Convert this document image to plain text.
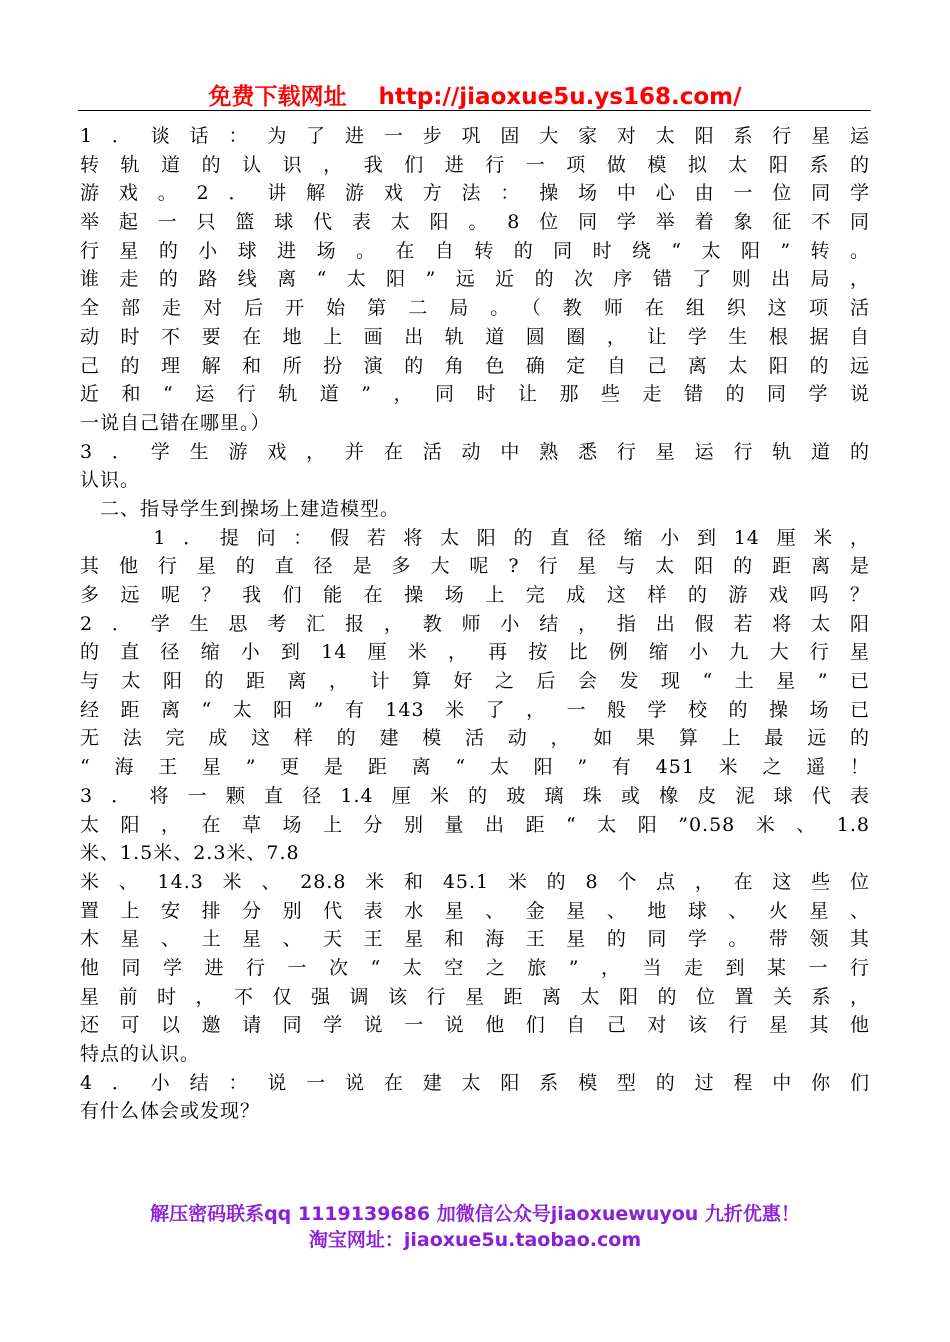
免费下载网址 http://jiaoxue5u.ys168.com/
1．谈话：为了进一步巩固大家对太阳系行星运
转轨道的认识，我们进行一项做模拟太阳系的
游戏。2．讲解游戏方法：操场中心由一位同学
举起一只篮球代表太阳。8位同学举着象征不同
行星的小球进场。在自转的同时绕“太阳”转。
谁走的路线离“太阳”远近的次序错了则出局，
全部走对后开始第二局。（教师在组织这项活
动时不要在地上画出轨道圆圈，让学生根据自
己的理解和所扮演的角色确定自己离太阳的远
近和“运行轨道”，同时让那些走错的同学说
一说自己错在哪里。）
3．学生游戏，并在活动中熟悉行星运行轨道的
认识。
　二、指导学生到操场上建造模型。
　　1．提问：假若将太阳的直径缩小到14厘米，
其他行星的直径是多大呢?行星与太阳的距离是
多远呢？我们能在操场上完成这样的游戏吗？
2．学生思考汇报，教师小结，指出假若将太阳
的直径缩小到14厘米，再按比例缩小九大行星
与太阳的距离，计算好之后会发现“土星”已
经距离“太阳”有143米了，一般学校的操场已
无法完成这样的建模活动，如果算上最远的
“海王星”更是距离“太阳”有451米之遥！
3．将一颗直径1.4厘米的玻璃珠或橡皮泥球代表
太阳，在草场上分别量出距“太阳”0.58米、1.8
米、1.5米、2.3米、7.8
米、14.3米、28.8米和45.1米的8个点，在这些位
置上安排分别代表水星、金星、地球、火星、
木星、土星、天王星和海王星的同学。带领其
他同学进行一次“太空之旅”，当走到某一行
星前时，不仅强调该行星距离太阳的位置关系，
还可以邀请同学说一说他们自己对该行星其他
特点的认识。
4．小结：说一说在建太阳系模型的过程中你们
有什么体会或发现？
解压密码联系qq 1119139686 加微信公众号jiaoxuewuyou 九折优惠！
淘宝网址：jiaoxue5u.taobao.com
